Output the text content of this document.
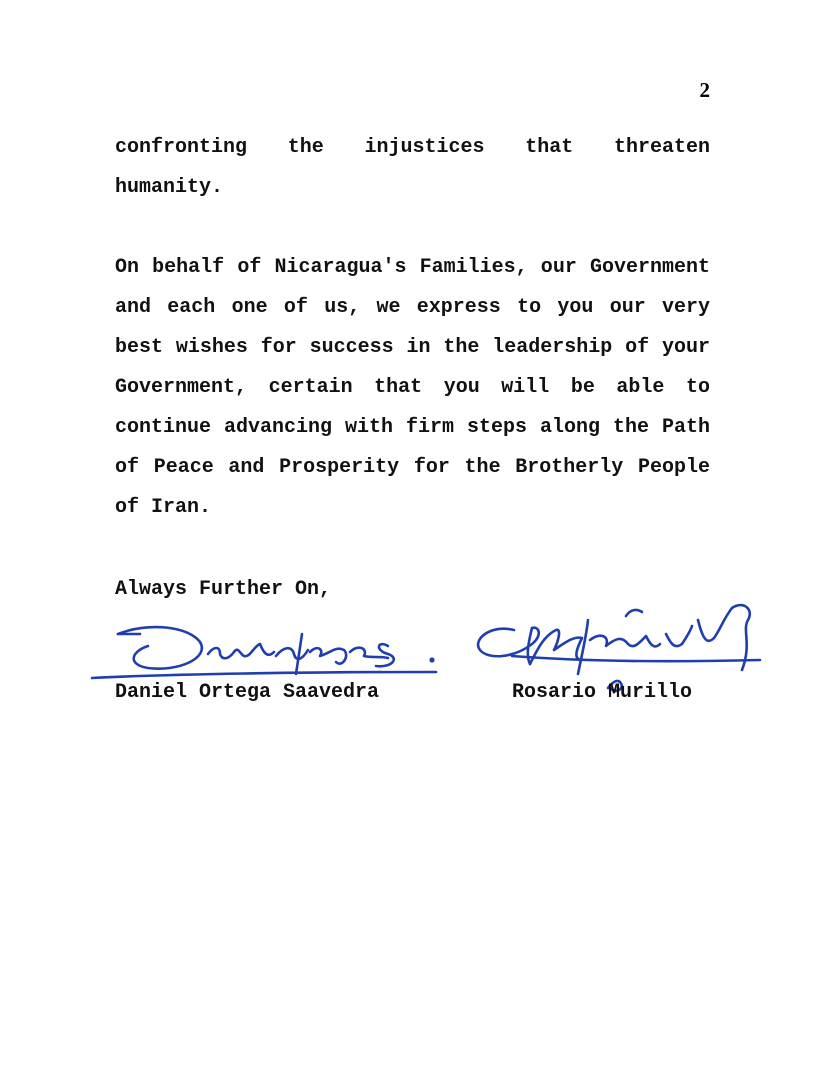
2

confronting the injustices that threaten humanity.

On behalf of Nicaragua's Families, our Government and each one of us, we express to you our very best wishes for success in the leadership of your Government, certain that you will be able to continue advancing with firm steps along the Path of Peace and Prosperity for the Brotherly People of Iran.

Always Further On,

Daniel Ortega Saavedra	Rosario Murillo
